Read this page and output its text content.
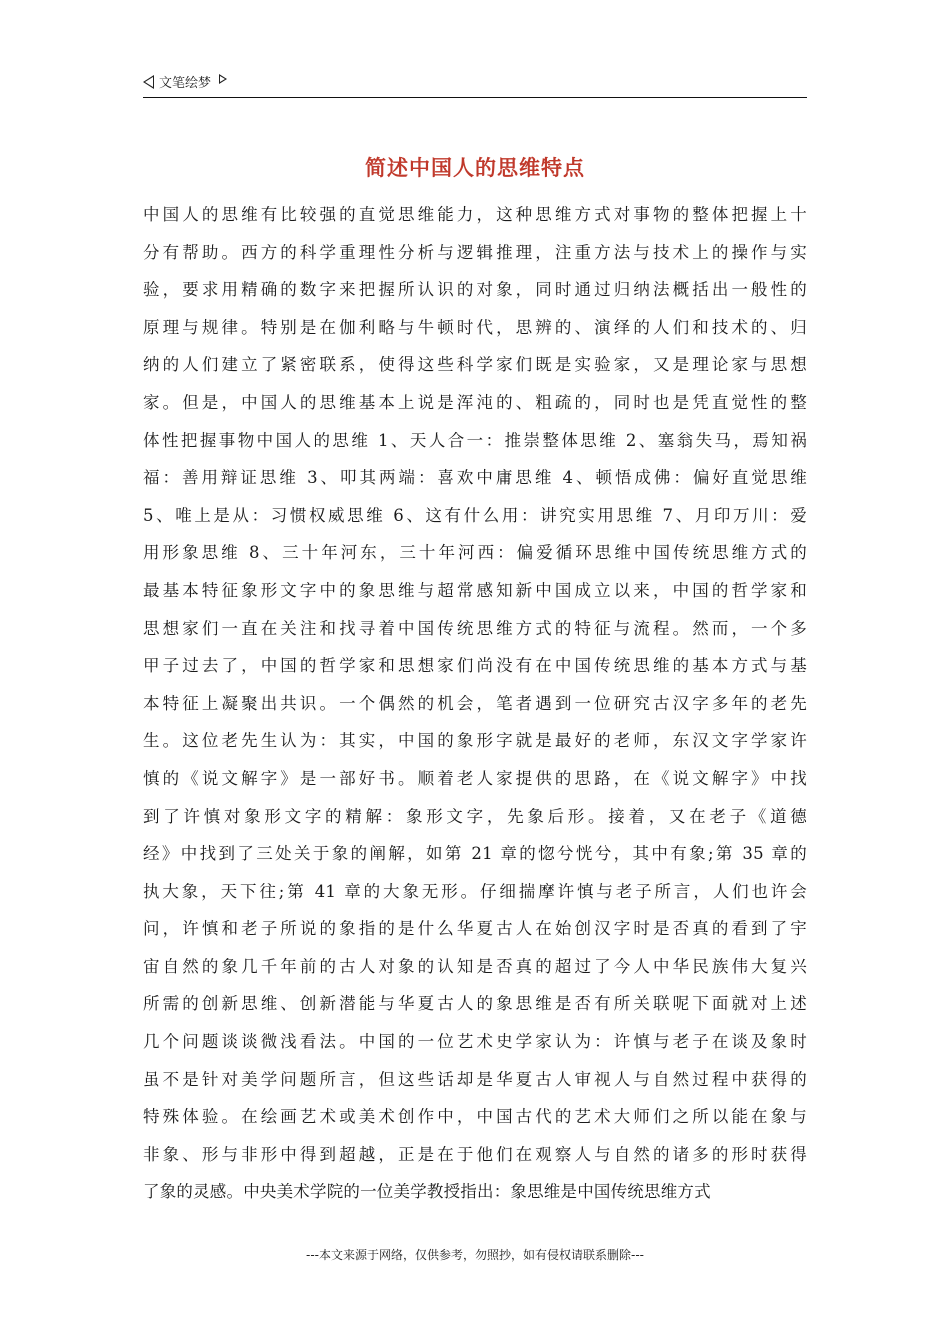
文笔绘梦
简述中国人的思维特点
中国人的思维有比较强的直觉思维能力，这种思维方式对事物的整体把握上十
分有帮助。西方的科学重理性分析与逻辑推理，注重方法与技术上的操作与实
验，要求用精确的数字来把握所认识的对象，同时通过归纳法概括出一般性的
原理与规律。特别是在伽利略与牛顿时代，思辨的、演绎的人们和技术的、归
纳的人们建立了紧密联系，使得这些科学家们既是实验家，又是理论家与思想
家。但是，中国人的思维基本上说是浑沌的、粗疏的，同时也是凭直觉性的整
体性把握事物中国人的思维 1、天人合一：推崇整体思维 2、塞翁失马，焉知祸
福：善用辩证思维 3、叩其两端：喜欢中庸思维 4、顿悟成佛：偏好直觉思维
5、唯上是从：习惯权威思维 6、这有什么用：讲究实用思维 7、月印万川：爱
用形象思维 8、三十年河东，三十年河西：偏爱循环思维中国传统思维方式的
最基本特征象形文字中的象思维与超常感知新中国成立以来，中国的哲学家和
思想家们一直在关注和找寻着中国传统思维方式的特征与流程。然而，一个多
甲子过去了，中国的哲学家和思想家们尚没有在中国传统思维的基本方式与基
本特征上凝聚出共识。一个偶然的机会，笔者遇到一位研究古汉字多年的老先
生。这位老先生认为：其实，中国的象形字就是最好的老师，东汉文字学家许
慎的《说文解字》是一部好书。顺着老人家提供的思路，在《说文解字》中找
到了许慎对象形文字的精解：象形文字，先象后形。接着，又在老子《道德
经》中找到了三处关于象的阐解，如第 21 章的惚兮恍兮，其中有象;第 35 章的
执大象，天下往;第 41 章的大象无形。仔细揣摩许慎与老子所言，人们也许会
问，许慎和老子所说的象指的是什么华夏古人在始创汉字时是否真的看到了宇
宙自然的象几千年前的古人对象的认知是否真的超过了今人中华民族伟大复兴
所需的创新思维、创新潜能与华夏古人的象思维是否有所关联呢下面就对上述
几个问题谈谈微浅看法。中国的一位艺术史学家认为：许慎与老子在谈及象时
虽不是针对美学问题所言，但这些话却是华夏古人审视人与自然过程中获得的
特殊体验。在绘画艺术或美术创作中，中国古代的艺术大师们之所以能在象与
非象、形与非形中得到超越，正是在于他们在观察人与自然的诸多的形时获得
了象的灵感。中央美术学院的一位美学教授指出：象思维是中国传统思维方式
---本文来源于网络，仅供参考，勿照抄，如有侵权请联系删除---
